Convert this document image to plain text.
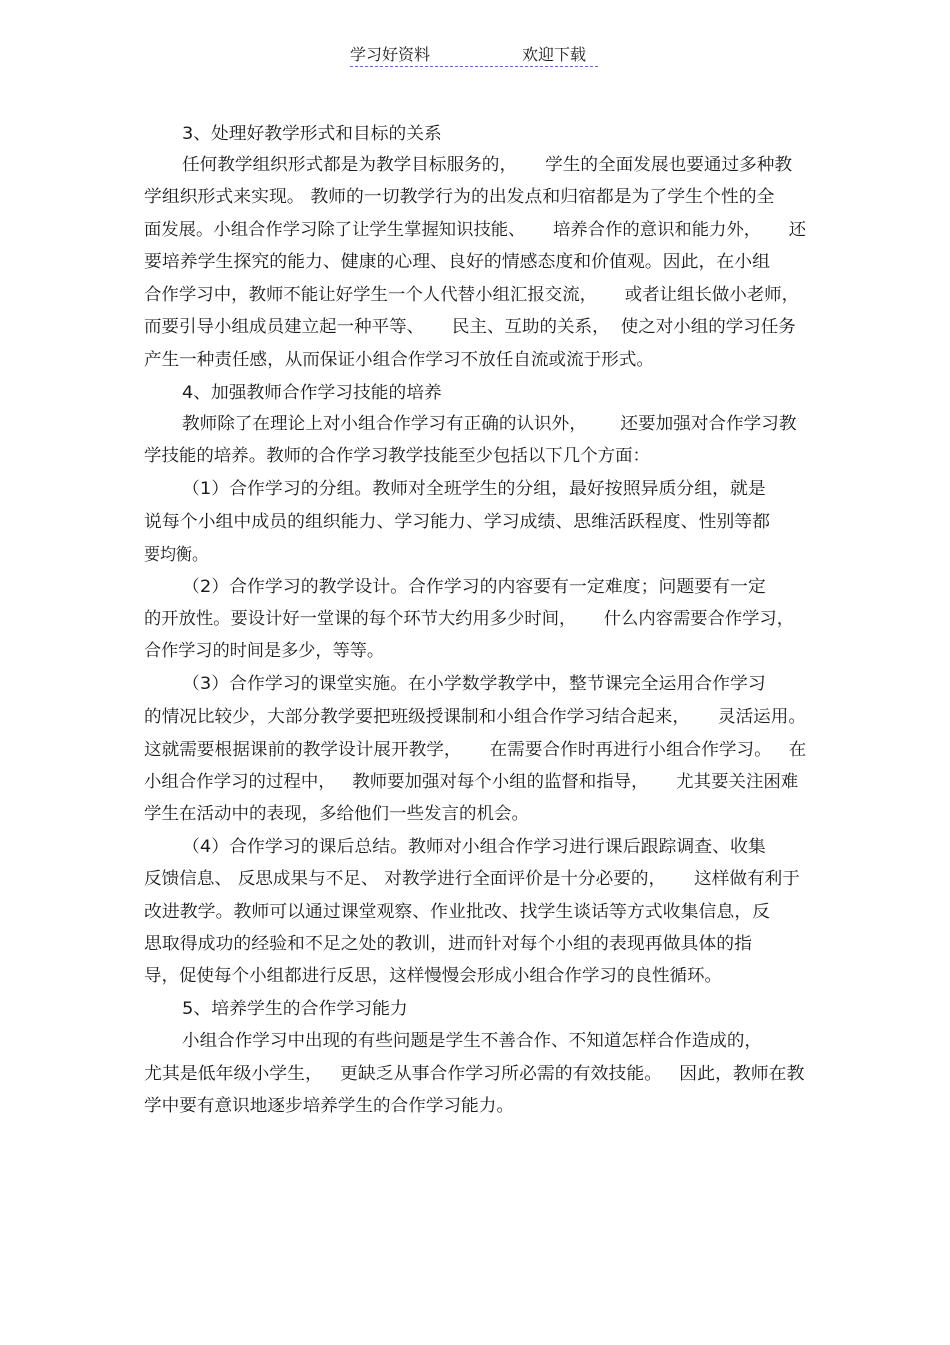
学习好资料	欢迎下载
3、处理好教学形式和目标的关系
任何教学组织形式都是为教学目标服务的，     学生的全面发展也要通过多种教
学组织形式来实现。 教师的一切教学行为的出发点和归宿都是为了学生个性的全
面发展。小组合作学习除了让学生掌握知识技能、     培养合作的意识和能力外，     还
要培养学生探究的能力、健康的心理、良好的情感态度和价值观。因此，在小组
合作学习中，教师不能让好学生一个人代替小组汇报交流，     或者让组长做小老师，
而要引导小组成员建立起一种平等、     民主、互助的关系，  使之对小组的学习任务
产生一种责任感，从而保证小组合作学习不放任自流或流于形式。
4、加强教师合作学习技能的培养
教师除了在理论上对小组合作学习有正确的认识外，      还要加强对合作学习教
学技能的培养。教师的合作学习教学技能至少包括以下几个方面：
（1）合作学习的分组。教师对全班学生的分组，最好按照异质分组，就是
说每个小组中成员的组织能力、学习能力、学习成绩、思维活跃程度、性别等都
要均衡。
（2）合作学习的教学设计。合作学习的内容要有一定难度；问题要有一定
的开放性。要设计好一堂课的每个环节大约用多少时间，     什么内容需要合作学习，
合作学习的时间是多少，等等。
（3）合作学习的课堂实施。在小学数学教学中，整节课完全运用合作学习
的情况比较少，大部分教学要把班级授课制和小组合作学习结合起来，     灵活运用。
这就需要根据课前的教学设计展开教学，     在需要合作时再进行小组合作学习。   在
小组合作学习的过程中，   教师要加强对每个小组的监督和指导，     尤其要关注困难
学生在活动中的表现，多给他们一些发言的机会。
（4）合作学习的课后总结。教师对小组合作学习进行课后跟踪调查、收集
反馈信息、 反思成果与不足、 对教学进行全面评价是十分必要的，     这样做有利于
改进教学。教师可以通过课堂观察、作业批改、找学生谈话等方式收集信息，反
思取得成功的经验和不足之处的教训，进而针对每个小组的表现再做具体的指
导，促使每个小组都进行反思，这样慢慢会形成小组合作学习的良性循环。
5、培养学生的合作学习能力
小组合作学习中出现的有些问题是学生不善合作、不知道怎样合作造成的，
尤其是低年级小学生，   更缺乏从事合作学习所必需的有效技能。   因此，教师在教
学中要有意识地逐步培养学生的合作学习能力。
